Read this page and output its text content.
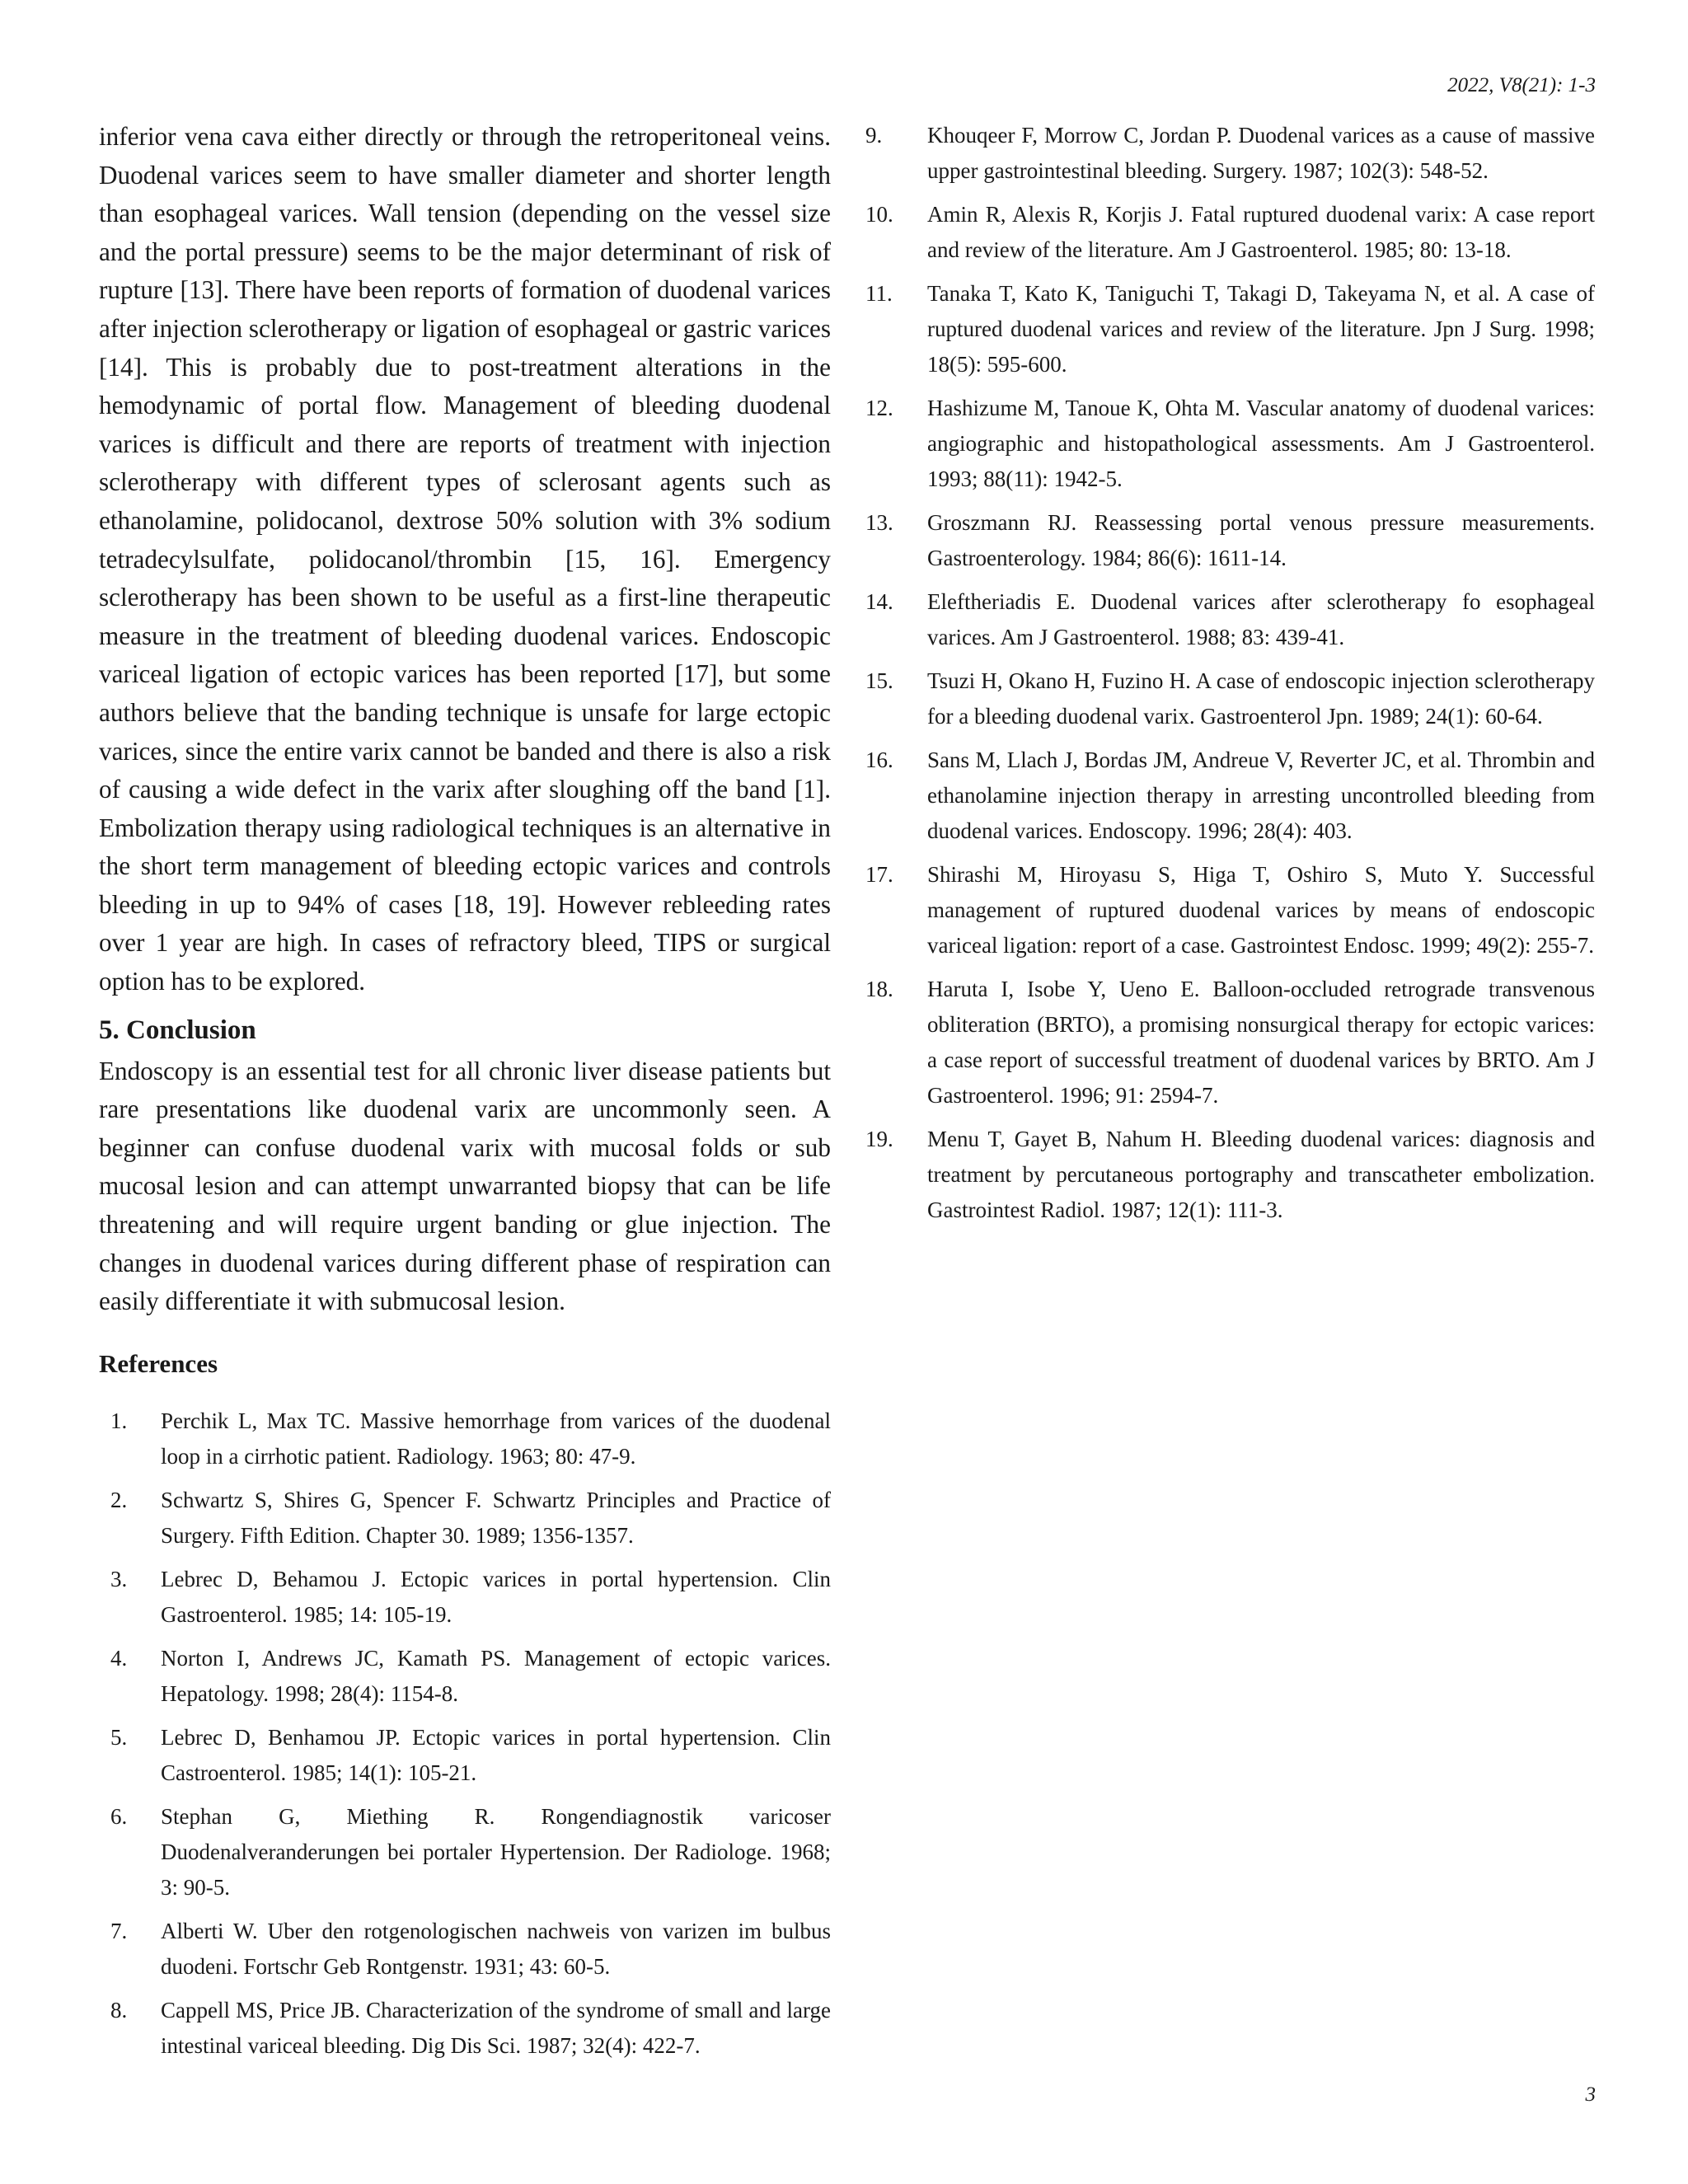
2022, V8(21): 1-3

inferior vena cava either directly or through the retroperitoneal veins. Duodenal varices seem to have smaller diameter and shorter length than esophageal varices. Wall tension (depending on the vessel size and the portal pressure) seems to be the major determinant of risk of rupture [13]. There have been reports of formation of duodenal varices after injection sclerotherapy or ligation of esophageal or gastric varices [14]. This is probably due to post-treatment alterations in the hemodynamic of portal flow. Management of bleeding duodenal varices is difficult and there are reports of treatment with injection sclerotherapy with different types of sclerosant agents such as ethanolamine, polidocanol, dextrose 50% solution with 3% sodium tetradecylsulfate, polidocanol/thrombin [15, 16]. Emergency sclerotherapy has been shown to be useful as a first-line therapeutic measure in the treatment of bleeding duodenal varices. Endoscopic variceal ligation of ectopic varices has been reported [17], but some authors believe that the banding technique is unsafe for large ectopic varices, since the entire varix cannot be banded and there is also a risk of causing a wide defect in the varix after sloughing off the band [1]. Embolization therapy using radiological techniques is an alternative in the short term management of bleeding ectopic varices and controls bleeding in up to 94% of cases [18, 19]. However rebleeding rates over 1 year are high. In cases of refractory bleed, TIPS or surgical option has to be explored.

5. Conclusion

Endoscopy is an essential test for all chronic liver disease patients but rare presentations like duodenal varix are uncommonly seen. A beginner can confuse duodenal varix with mucosal folds or sub mucosal lesion and can attempt unwarranted biopsy that can be life threatening and will require urgent banding or glue injection. The changes in duodenal varices during different phase of respiration can easily differentiate it with submucosal lesion.

References
1.	Perchik L, Max TC. Massive hemorrhage from varices of the duodenal loop in a cirrhotic patient. Radiology. 1963; 80: 47-9.
2.	Schwartz S, Shires G, Spencer F. Schwartz Principles and Practice of Surgery. Fifth Edition. Chapter 30. 1989; 1356-1357.
3.	Lebrec D, Behamou J. Ectopic varices in portal hypertension. Clin Gastroenterol. 1985; 14: 105-19.
4.	Norton I, Andrews JC, Kamath PS. Management of ectopic varices. Hepatology. 1998; 28(4): 1154-8.
5.	Lebrec D, Benhamou JP. Ectopic varices in portal hypertension. Clin Castroenterol. 1985; 14(1): 105-21.
6.	Stephan G, Miething R. Rongendiagnostik varicoser Duodenalveranderungen bei portaler Hypertension. Der Radiologe. 1968; 3: 90-5.
7.	Alberti W. Uber den rotgenologischen nachweis von varizen im bulbus duodeni. Fortschr Geb Rontgenstr. 1931; 43: 60-5.
8.	Cappell MS, Price JB. Characterization of the syndrome of small and large intestinal variceal bleeding. Dig Dis Sci. 1987; 32(4): 422-7.
9.	Khouqeer F, Morrow C, Jordan P. Duodenal varices as a cause of massive upper gastrointestinal bleeding. Surgery. 1987; 102(3): 548-52.
10.	Amin R, Alexis R, Korjis J. Fatal ruptured duodenal varix: A case report and review of the literature. Am J Gastroenterol. 1985; 80: 13-18.
11.	Tanaka T, Kato K, Taniguchi T, Takagi D, Takeyama N, et al. A case of ruptured duodenal varices and review of the literature. Jpn J Surg. 1998; 18(5): 595-600.
12.	Hashizume M, Tanoue K, Ohta M. Vascular anatomy of duodenal varices: angiographic and histopathological assessments. Am J Gastroenterol. 1993; 88(11): 1942-5.
13.	Groszmann RJ. Reassessing portal venous pressure measurements. Gastroenterology. 1984; 86(6): 1611-14.
14.	Eleftheriadis E. Duodenal varices after sclerotherapy fo esophageal varices. Am J Gastroenterol. 1988; 83: 439-41.
15.	Tsuzi H, Okano H, Fuzino H. A case of endoscopic injection sclerotherapy for a bleeding duodenal varix. Gastroenterol Jpn. 1989; 24(1): 60-64.
16.	Sans M, Llach J, Bordas JM, Andreue V, Reverter JC, et al. Thrombin and ethanolamine injection therapy in arresting uncontrolled bleeding from duodenal varices. Endoscopy. 1996; 28(4): 403.
17.	Shirashi M, Hiroyasu S, Higa T, Oshiro S, Muto Y. Successful management of ruptured duodenal varices by means of endoscopic variceal ligation: report of a case. Gastrointest Endosc. 1999; 49(2): 255-7.
18.	Haruta I, Isobe Y, Ueno E. Balloon-occluded retrograde transvenous obliteration (BRTO), a promising nonsurgical therapy for ectopic varices: a case report of successful treatment of duodenal varices by BRTO. Am J Gastroenterol. 1996; 91: 2594-7.
19.	Menu T, Gayet B, Nahum H. Bleeding duodenal varices: diagnosis and treatment by percutaneous portography and transcatheter embolization. Gastrointest Radiol. 1987; 12(1): 111-3.
3
